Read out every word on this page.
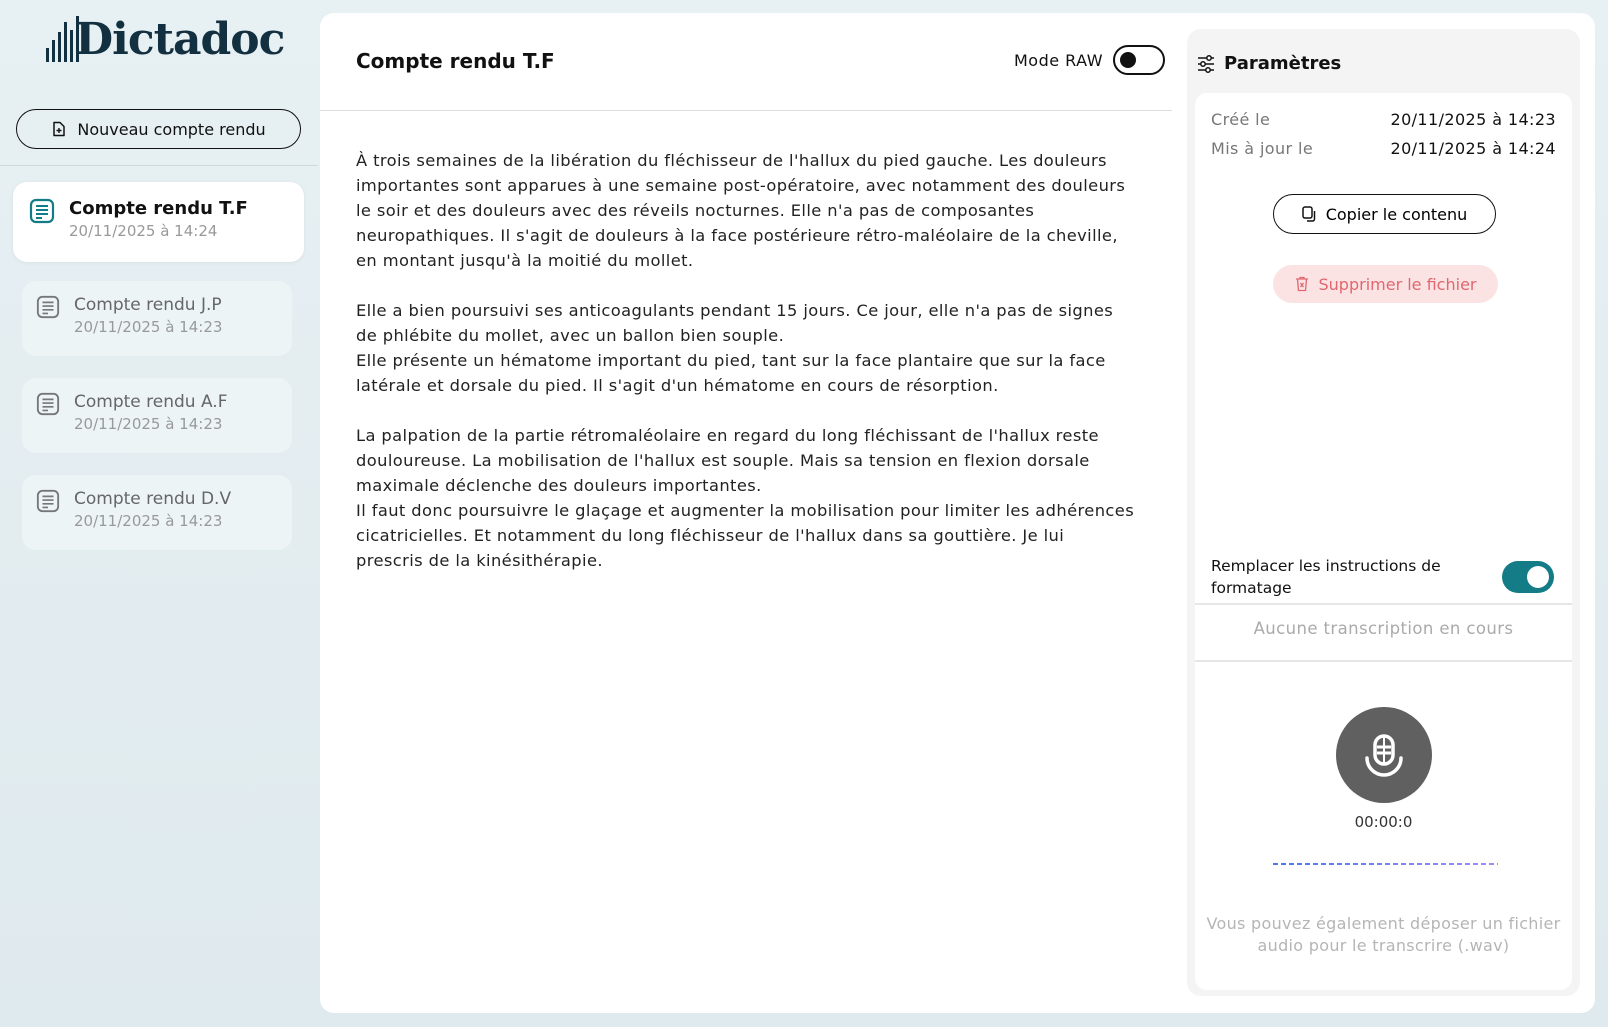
Dictadoc
Nouveau compte rendu
Compte rendu T.F
20/11/2025 à 14:24
Compte rendu J.P
20/11/2025 à 14:23
Compte rendu A.F
20/11/2025 à 14:23
Compte rendu D.V
20/11/2025 à 14:23
Compte rendu T.F	Mode RAW

À trois semaines de la libération du fléchisseur de l'hallux du pied gauche. Les douleurs importantes sont apparues à une semaine post-opératoire, avec notamment des douleurs le soir et des douleurs avec des réveils nocturnes. Elle n'a pas de composantes neuropathiques. Il s'agit de douleurs à la face postérieure rétro-maléolaire de la cheville, en montant jusqu'à la moitié du mollet.

Elle a bien poursuivi ses anticoagulants pendant 15 jours. Ce jour, elle n'a pas de signes de phlébite du mollet, avec un ballon bien souple.
Elle présente un hématome important du pied, tant sur la face plantaire que sur la face latérale et dorsale du pied. Il s'agit d'un hématome en cours de résorption.

La palpation de la partie rétromaléolaire en regard du long fléchissant de l'hallux reste douloureuse. La mobilisation de l'hallux est souple. Mais sa tension en flexion dorsale maximale déclenche des douleurs importantes.
Il faut donc poursuivre le glaçage et augmenter la mobilisation pour limiter les adhérences cicatricielles. Et notamment du long fléchisseur de l'hallux dans sa gouttière. Je lui prescris de la kinésithérapie.

Paramètres
Créé le	20/11/2025 à 14:23
Mis à jour le	20/11/2025 à 14:24
Copier le contenu
Supprimer le fichier
Remplacer les instructions de formatage
Aucune transcription en cours
00:00:0
Vous pouvez également déposer un fichier audio pour le transcrire (.wav)
